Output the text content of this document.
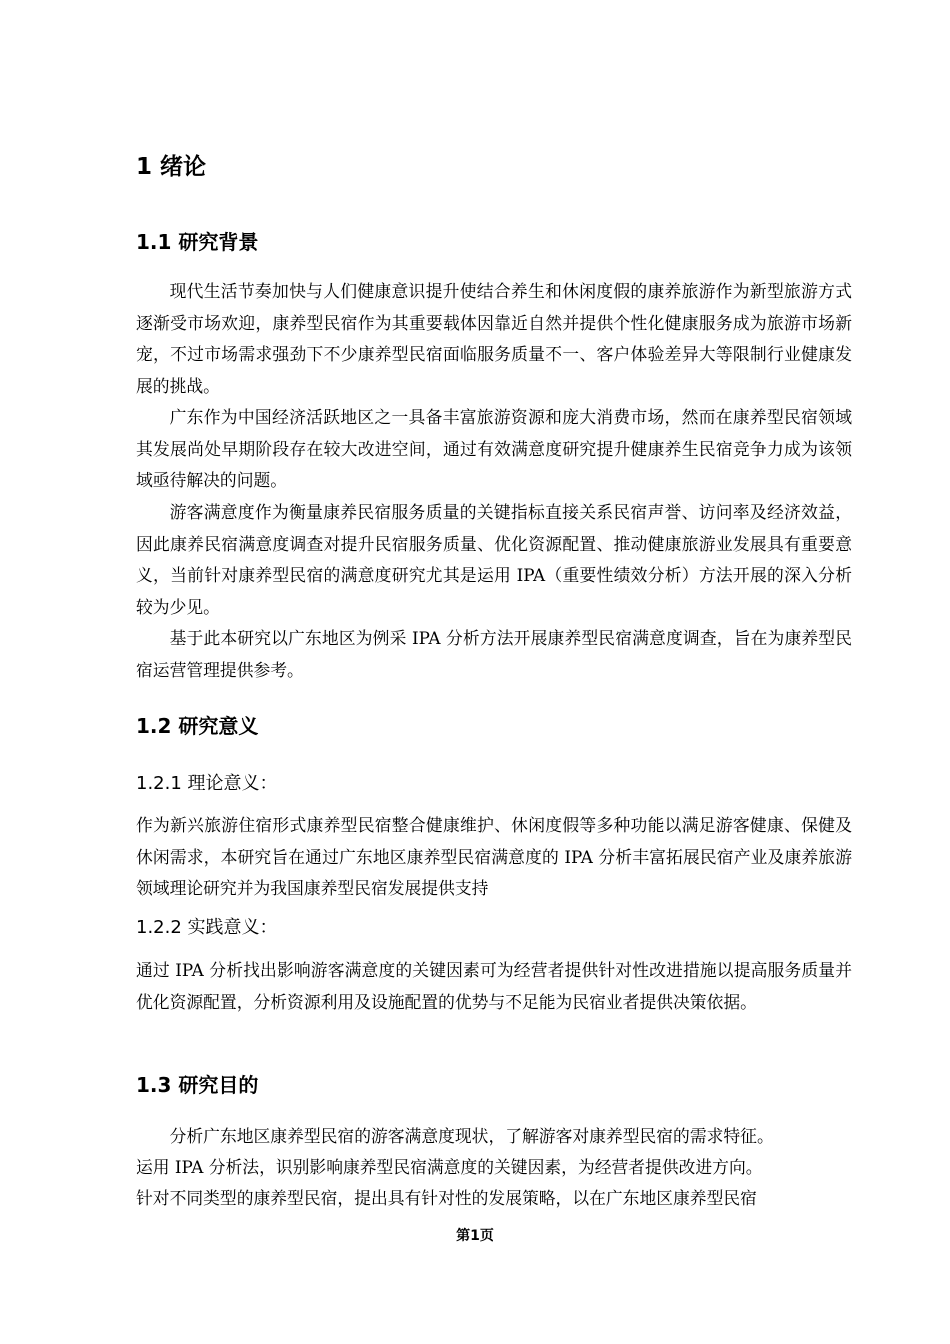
1 绪论
1.1 研究背景

现代生活节奏加快与人们健康意识提升使结合养生和休闲度假的康养旅游作为新型旅游方式逐渐受市场欢迎，康养型民宿作为其重要载体因靠近自然并提供个性化健康服务成为旅游市场新宠，不过市场需求强劲下不少康养型民宿面临服务质量不一、客户体验差异大等限制行业健康发展的挑战。

广东作为中国经济活跃地区之一具备丰富旅游资源和庞大消费市场，然而在康养型民宿领域其发展尚处早期阶段存在较大改进空间，通过有效满意度研究提升健康养生民宿竞争力成为该领域亟待解决的问题。

游客满意度作为衡量康养民宿服务质量的关键指标直接关系民宿声誉、访问率及经济效益，因此康养民宿满意度调查对提升民宿服务质量、优化资源配置、推动健康旅游业发展具有重要意义，当前针对康养型民宿的满意度研究尤其是运用 IPA（重要性绩效分析）方法开展的深入分析较为少见。

基于此本研究以广东地区为例采 IPA 分析方法开展康养型民宿满意度调查，旨在为康养型民宿运营管理提供参考。

1.2 研究意义
1.2.1 理论意义：

作为新兴旅游住宿形式康养型民宿整合健康维护、休闲度假等多种功能以满足游客健康、保健及休闲需求，本研究旨在通过广东地区康养型民宿满意度的 IPA 分析丰富拓展民宿产业及康养旅游领域理论研究并为我国康养型民宿发展提供支持

1.2.2 实践意义：

通过 IPA 分析找出影响游客满意度的关键因素可为经营者提供针对性改进措施以提高服务质量并优化资源配置，分析资源利用及设施配置的优势与不足能为民宿业者提供决策依据。

1.3 研究目的

分析广东地区康养型民宿的游客满意度现状，了解游客对康养型民宿的需求特征。

运用 IPA 分析法，识别影响康养型民宿满意度的关键因素，为经营者提供改进方向。

针对不同类型的康养型民宿，提出具有针对性的发展策略，以在广东地区康养型民宿

第1页
